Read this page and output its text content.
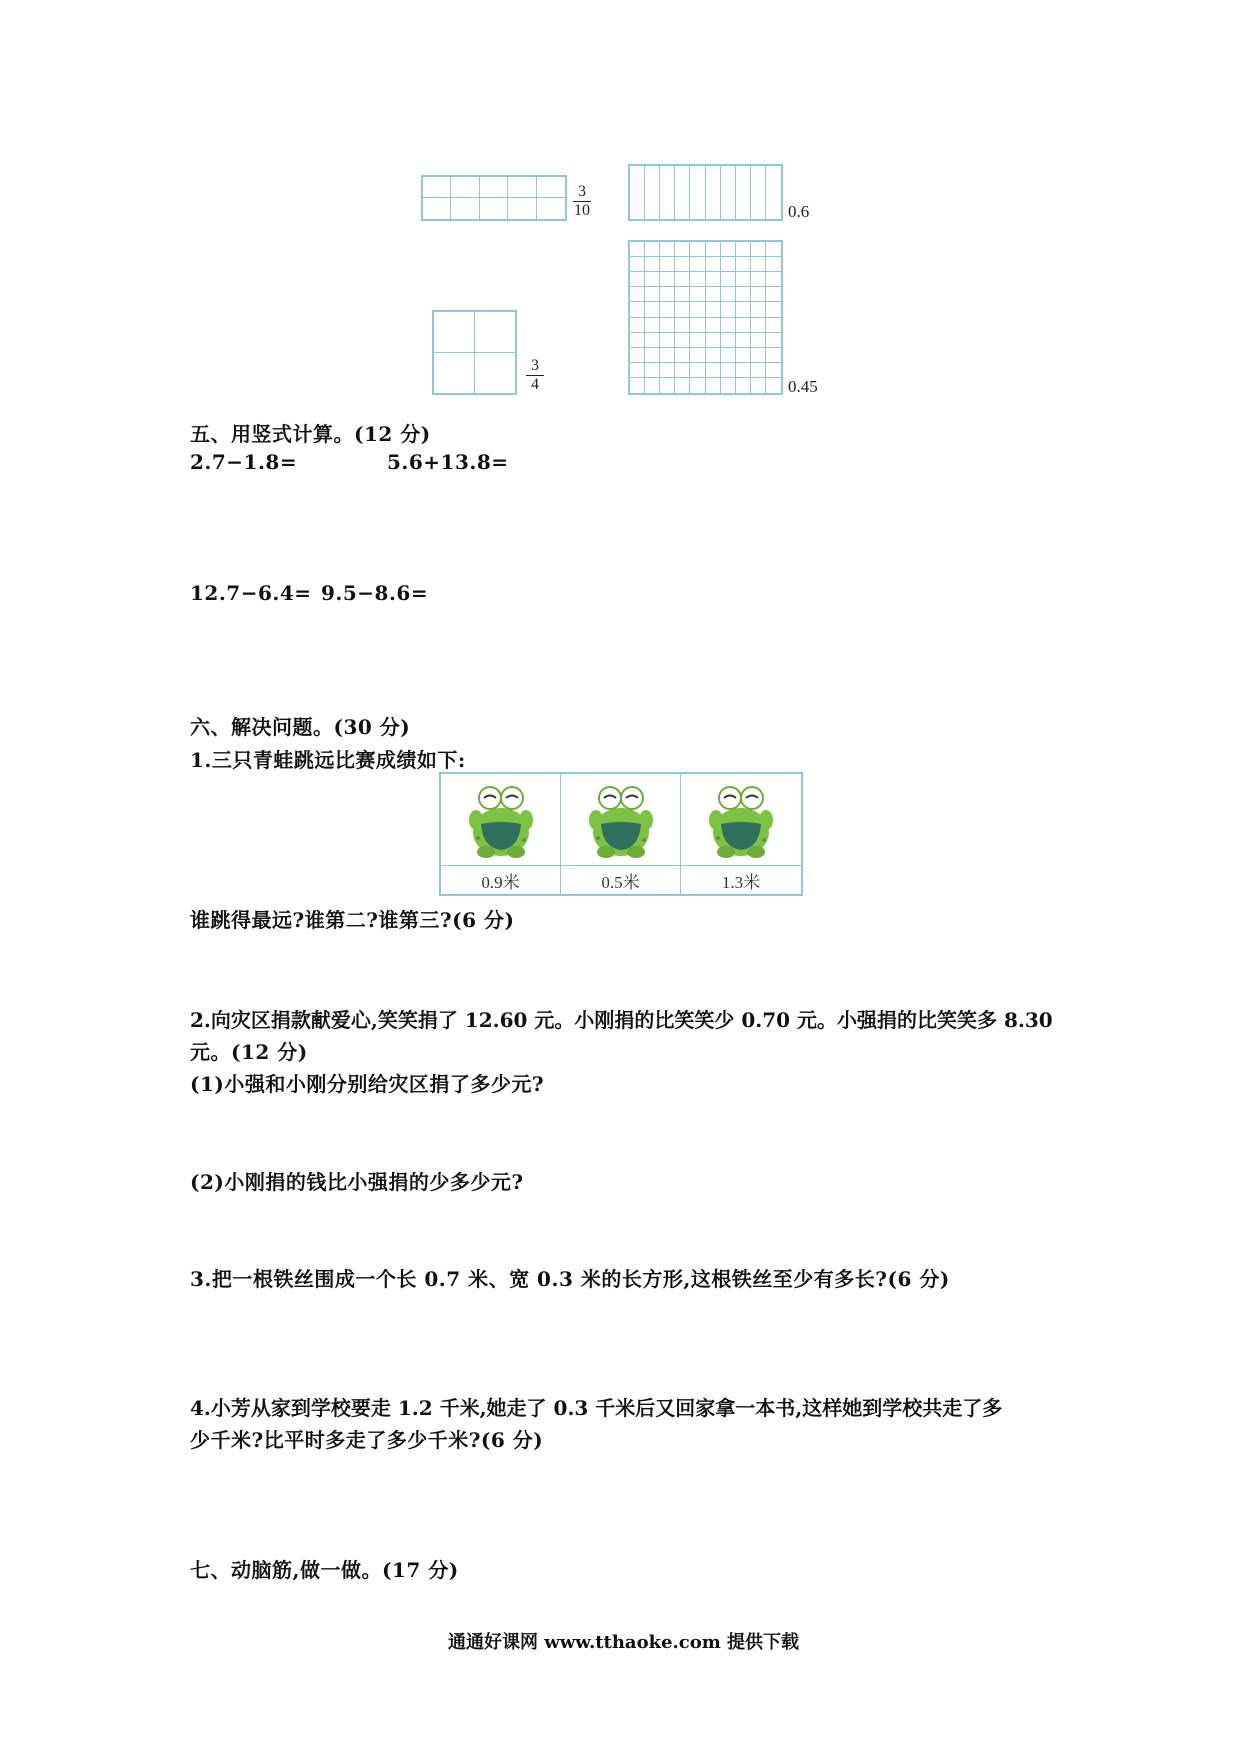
3
10	0.6
0.45
3
4
五、用竖式计算。(12 分)
2.7−1.8=	5.6+13.8=
12.7−6.4= 9.5−8.6=
六、解决问题。(30 分)
1.三只青蛙跳远比赛成绩如下:
0.9米	0.5米	1.3米
谁跳得最远?谁第二?谁第三?(6 分)
2.向灾区捐款献爱心,笑笑捐了 12.60 元。小刚捐的比笑笑少 0.70 元。小强捐的比笑笑多 8.30
元。(12 分)
(1)小强和小刚分别给灾区捐了多少元?
(2)小刚捐的钱比小强捐的少多少元?
3.把一根铁丝围成一个长 0.7 米、宽 0.3 米的长方形,这根铁丝至少有多长?(6 分)
4.小芳从家到学校要走 1.2 千米,她走了 0.3 千米后又回家拿一本书,这样她到学校共走了多
少千米?比平时多走了多少千米?(6 分)
七、动脑筋,做一做。(17 分)
通通好课网 www.tthaoke.com 提供下载
